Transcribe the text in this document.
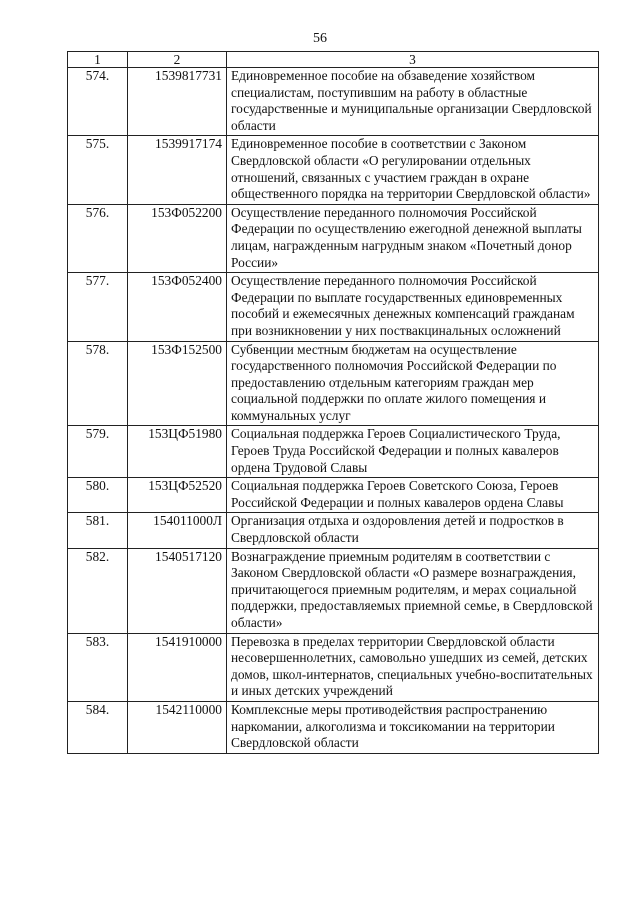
56
1	2	3
574.	1539817731	Единовременное пособие на обзаведение хозяйством специалистам, поступившим на работу в областные государственные и муниципальные организации Свердловской области
575.	1539917174	Единовременное пособие в соответствии с Законом Свердловской области «О регулировании отдельных отношений, связанных с участием граждан в охране общественного порядка на территории Свердловской области»
576.	153Ф052200	Осуществление переданного полномочия Российской Федерации по осуществлению ежегодной денежной выплаты лицам, награжденным нагрудным знаком «Почетный донор России»
577.	153Ф052400	Осуществление переданного полномочия Российской Федерации по выплате государственных единовременных пособий и ежемесячных денежных компенсаций гражданам при возникновении у них поствакцинальных осложнений
578.	153Ф152500	Субвенции местным бюджетам на осуществление государственного полномочия Российской Федерации по предоставлению отдельным категориям граждан мер социальной поддержки по оплате жилого помещения и коммунальных услуг
579.	153ЦФ51980	Социальная поддержка Героев Социалистического Труда, Героев Труда Российской Федерации и полных кавалеров ордена Трудовой Славы
580.	153ЦФ52520	Социальная поддержка Героев Советского Союза, Героев Российской Федерации и полных кавалеров ордена Славы
581.	154011000Л	Организация отдыха и оздоровления детей и подростков в Свердловской области
582.	1540517120	Вознаграждение приемным родителям в соответствии с Законом Свердловской области «О размере вознаграждения, причитающегося приемным родителям, и мерах социальной поддержки, предоставляемых приемной семье, в Свердловской области»
583.	1541910000	Перевозка в пределах территории Свердловской области несовершеннолетних, самовольно ушедших из семей, детских домов, школ-интернатов, специальных учебно-воспитательных и иных детских учреждений
584.	1542110000	Комплексные меры противодействия распространению наркомании, алкоголизма и токсикомании на территории Свердловской области
